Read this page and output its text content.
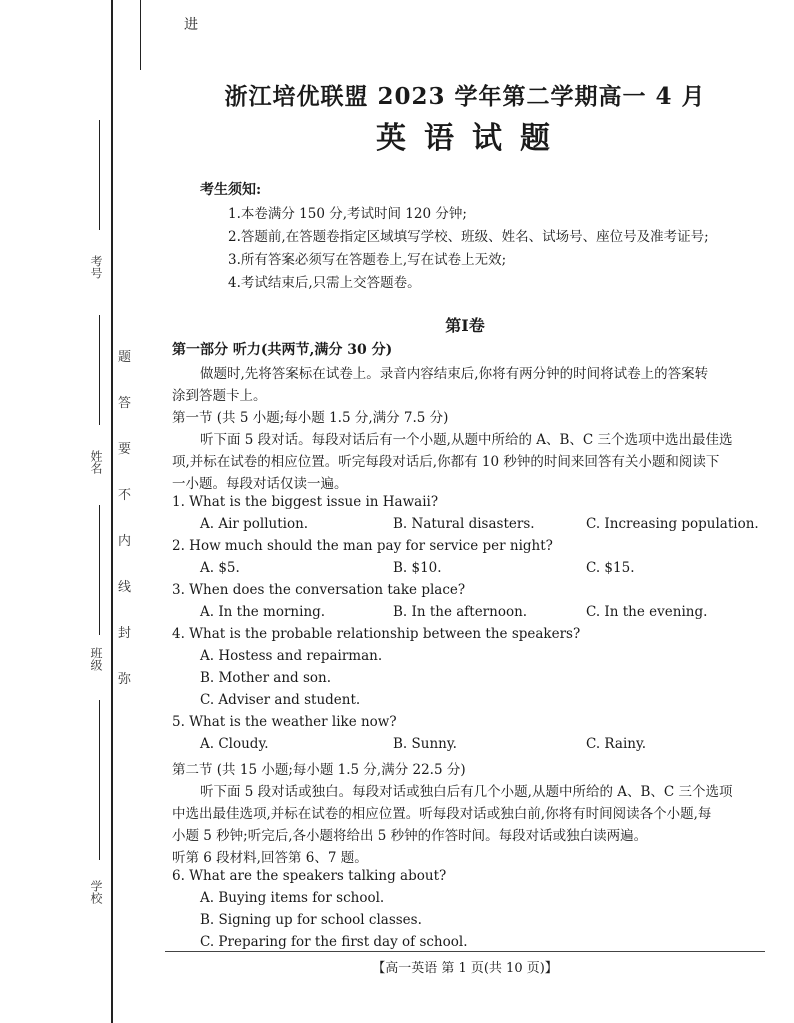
考号
姓名
班级
学校
题
答
要
不
内
线
封
弥
进
浙江培优联盟 2023 学年第二学期高一 4 月
英语试题
考生须知:
1.本卷满分 150 分,考试时间 120 分钟;
2.答题前,在答题卷指定区域填写学校、班级、姓名、试场号、座位号及准考证号;
3.所有答案必须写在答题卷上,写在试卷上无效;
4.考试结束后,只需上交答题卷。
第Ⅰ卷
第一部分 听力(共两节,满分 30 分)
做题时,先将答案标在试卷上。录音内容结束后,你将有两分钟的时间将试卷上的答案转
涂到答题卡上。
第一节 (共 5 小题;每小题 1.5 分,满分 7.5 分)
听下面 5 段对话。每段对话后有一个小题,从题中所给的 A、B、C 三个选项中选出最佳选
项,并标在试卷的相应位置。听完每段对话后,你都有 10 秒钟的时间来回答有关小题和阅读下
一小题。每段对话仅读一遍。
1. What is the biggest issue in Hawaii?
A. Air pollution.	B. Natural disasters.	C. Increasing population.
2. How much should the man pay for service per night?
A. $5.	B. $10.	C. $15.
3. When does the conversation take place?
A. In the morning.	B. In the afternoon.	C. In the evening.
4. What is the probable relationship between the speakers?
A. Hostess and repairman.
B. Mother and son.
C. Adviser and student.
5. What is the weather like now?
A. Cloudy.	B. Sunny.	C. Rainy.
第二节 (共 15 小题;每小题 1.5 分,满分 22.5 分)
听下面 5 段对话或独白。每段对话或独白后有几个小题,从题中所给的 A、B、C 三个选项
中选出最佳选项,并标在试卷的相应位置。听每段对话或独白前,你将有时间阅读各个小题,每
小题 5 秒钟;听完后,各小题将给出 5 秒钟的作答时间。每段对话或独白读两遍。
听第 6 段材料,回答第 6、7 题。
6. What are the speakers talking about?
A. Buying items for school.
B. Signing up for school classes.
C. Preparing for the first day of school.
【高一英语 第 1 页(共 10 页)】
